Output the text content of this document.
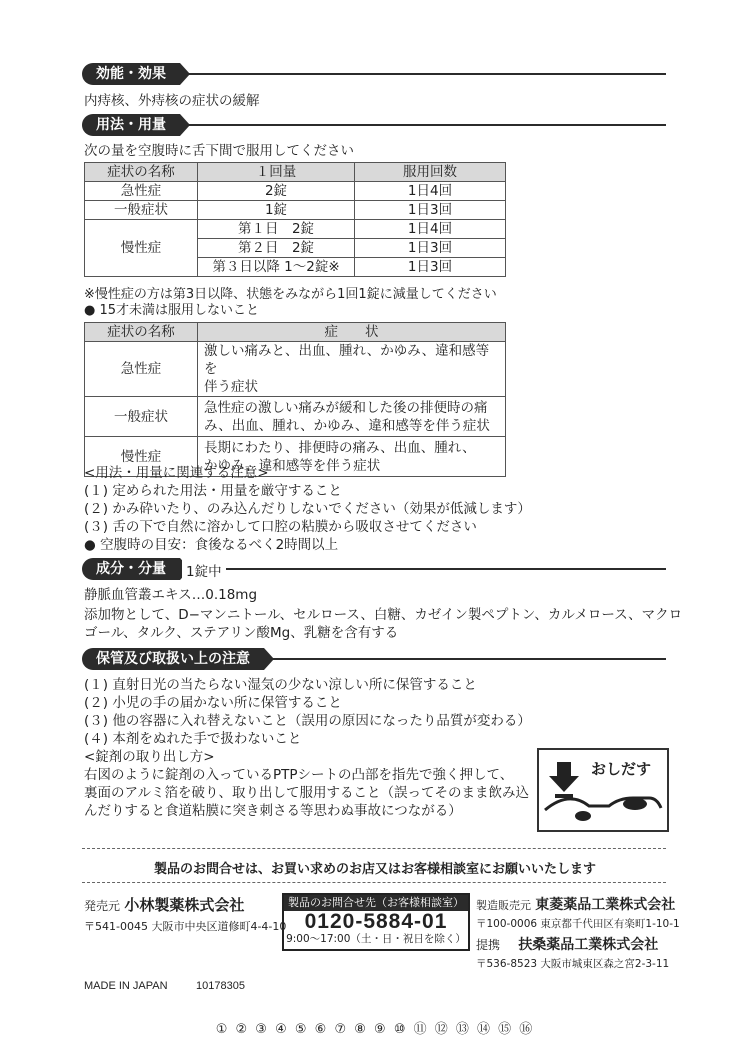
効能・効果
内痔核、外痔核の症状の緩解
用法・用量
次の量を空腹時に舌下間で服用してください
症状の名称	１回量	服用回数
急性症	2錠	1日4回
一般症状	1錠	1日3回
慢性症	第１日　2錠	1日4回
	第２日　2錠	1日3回
	第３日以降 1〜2錠※	1日3回
※慢性症の方は第3日以降、状態をみながら1回1錠に減量してください
● 15才未満は服用しないこと
症状の名称	症　　状
急性症	激しい痛みと、出血、腫れ、かゆみ、違和感等を
伴う症状

一般症状	急性症の激しい痛みが緩和した後の排便時の痛
み、出血、腫れ、かゆみ、違和感等を伴う症状

慢性症	長期にわたり、排便時の痛み、出血、腫れ、
かゆみ、違和感等を伴う症状
<用法・用量に関連する注意>
(１) 定められた用法・用量を厳守すること
(２) かみ砕いたり、のみ込んだりしないでください（効果が低減します）
(３) 舌の下で自然に溶かして口腔の粘膜から吸収させてください
● 空腹時の目安：食後なるべく2時間以上
成分・分量	1錠中
静脈血管叢エキス…0.18mg
添加物として、D−マンニトール、セルロース、白糖、カゼイン製ペプトン、カルメロース、マクロ
ゴール、タルク、ステアリン酸Mg、乳糖を含有する
保管及び取扱い上の注意
(１) 直射日光の当たらない湿気の少ない涼しい所に保管すること
(２) 小児の手の届かない所に保管すること
(３) 他の容器に入れ替えないこと（誤用の原因になったり品質が変わる）
(４) 本剤をぬれた手で扱わないこと
<錠剤の取り出し方>
右図のように錠剤の入っているPTPシートの凸部を指先で強く押して、
裏面のアルミ箔を破り、取り出して服用すること（誤ってそのまま飲み込
んだりすると食道粘膜に突き刺さる等思わぬ事故につながる）
おしだす
製品のお問合せは、お買い求めのお店又はお客様相談室にお願いいたします
発売元 小林製薬株式会社
〒541-0045 大阪市中央区道修町4-4-10
製品のお問合せ先（お客様相談室）
0120-5884-01
9:00〜17:00（土・日・祝日を除く）
製造販売元 東菱薬品工業株式会社
〒100-0006 東京都千代田区有楽町1-10-1
提携 扶桑薬品工業株式会社
〒536-8523 大阪市城東区森之宮2-3-11
MADE IN JAPAN	10178305
① ② ③ ④ ⑤ ⑥ ⑦ ⑧ ⑨ ⑩ ⑪ ⑫ ⑬ ⑭ ⑮ ⑯
